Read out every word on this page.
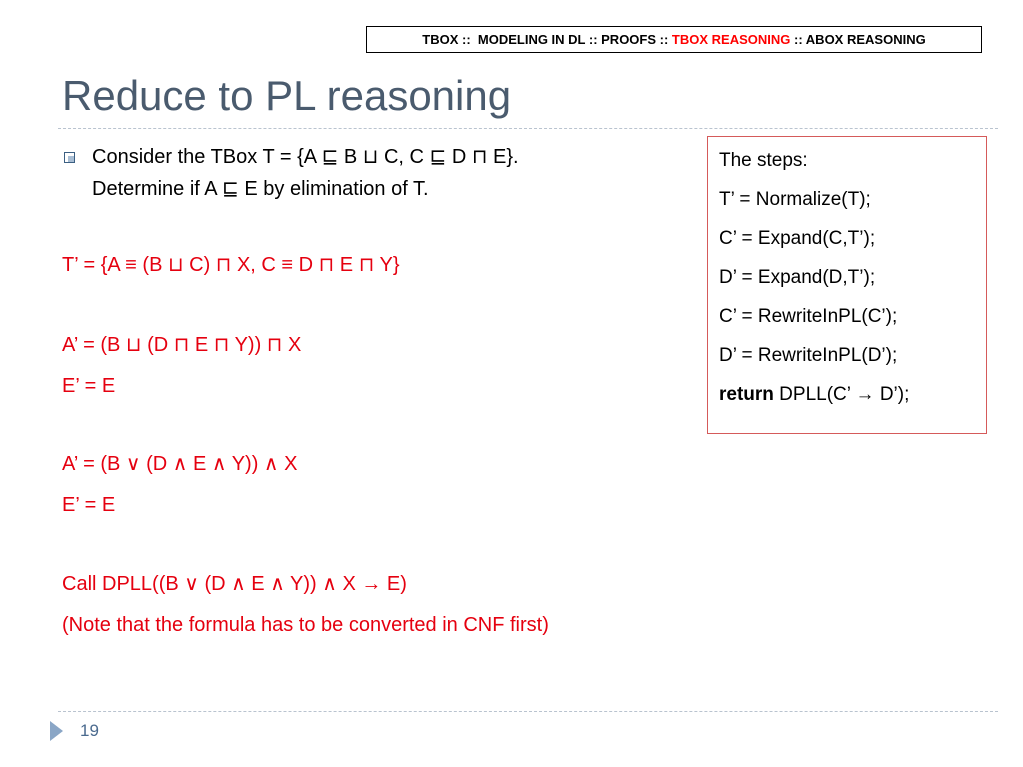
TBOX ::  MODELING IN DL :: PROOFS :: TBOX REASONING :: ABOX REASONING
Reduce to PL reasoning
Consider the TBox T = {A ⊑ B ⊔ C, C ⊑ D ⊓ E}.
Determine if A ⊑ E by elimination of T.
T’ = {A ≡ (B ⊔ C) ⊓ X, C ≡ D ⊓ E ⊓ Y}
A’ = (B ⊔ (D ⊓ E ⊓ Y)) ⊓ X
E’ = E
A’ = (B ∨ (D ∧ E ∧ Y)) ∧ X
E’ = E
Call DPLL((B ∨ (D ∧ E ∧ Y)) ∧ X → E)
(Note that the formula has to be converted in CNF first)
The steps:
T’ = Normalize(T);
C’ = Expand(C,T’);
D’ = Expand(D,T’);
C’ = RewriteInPL(C’);
D’ = RewriteInPL(D’);
return DPLL(C’ → D’);
19
